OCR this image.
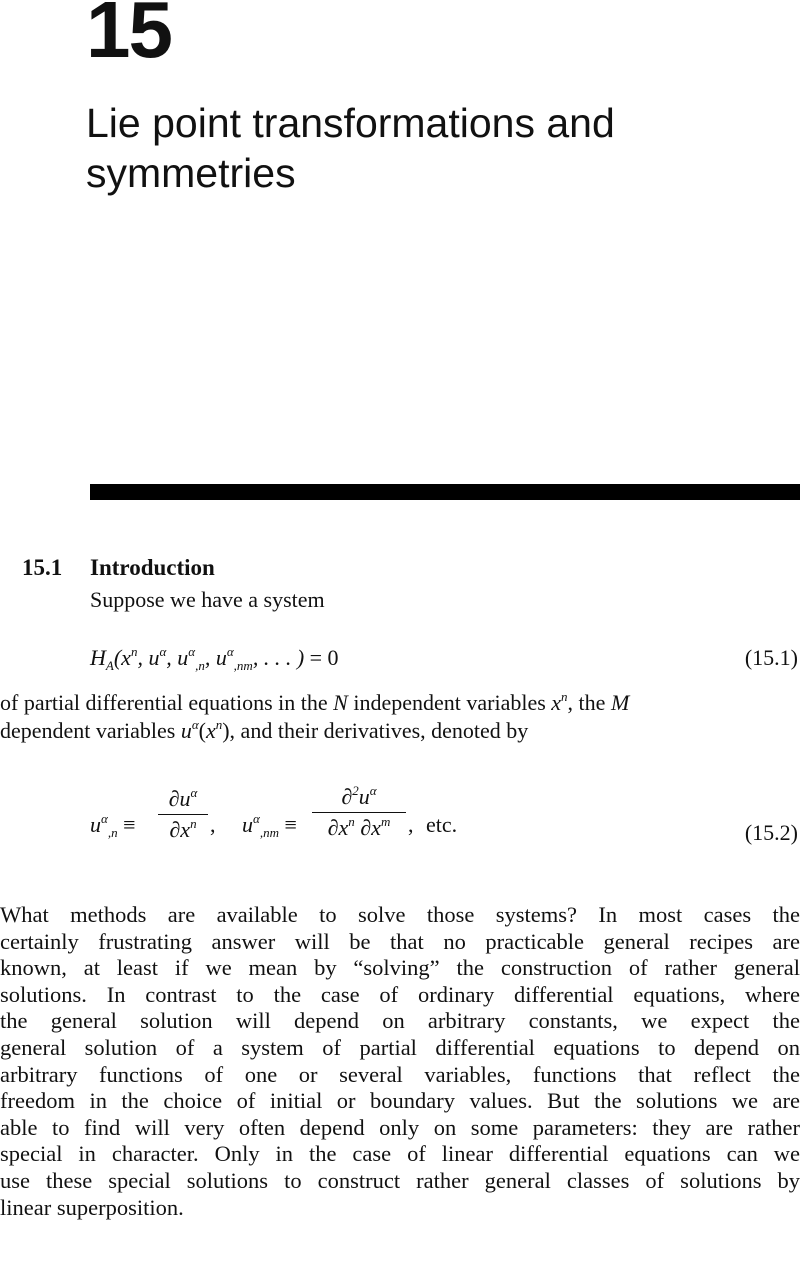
15
Lie point transformations and
symmetries
15.1 Introduction
Suppose we have a system
$H_A(x^n$, $u^\alpha$, $u^\alpha_{,n}$, $u^\alpha_{,nm}$, . . . ) = 0	(15.1)
of partial differential equations in the N independent variables $x^n$, the M
dependent variables $u^\alpha(x^n)$, and their derivatives, denoted by
$u^\alpha_{,n}$ ≡
$\partial u^\alpha$
$\partial x^n$ , $u^\alpha_{,nm}$ ≡
$\partial^2u^\alpha$
$\partial x^n$ $\partial x^m$ , etc.	(15.2)
What methods are available to solve those systems? In most cases the
certainly frustrating answer will be that no practicable general recipes are
known, at least if we mean by “solving” the construction of rather general
solutions. In contrast to the case of ordinary differential equations, where
the general solution will depend on arbitrary constants, we expect the
general solution of a system of partial differential equations to depend on
arbitrary functions of one or several variables, functions that reflect the
freedom in the choice of initial or boundary values. But the solutions we are
able to find will very often depend only on some parameters: they are rather
special in character. Only in the case of linear differential equations can we
use these special solutions to construct rather general classes of solutions by
linear superposition.
